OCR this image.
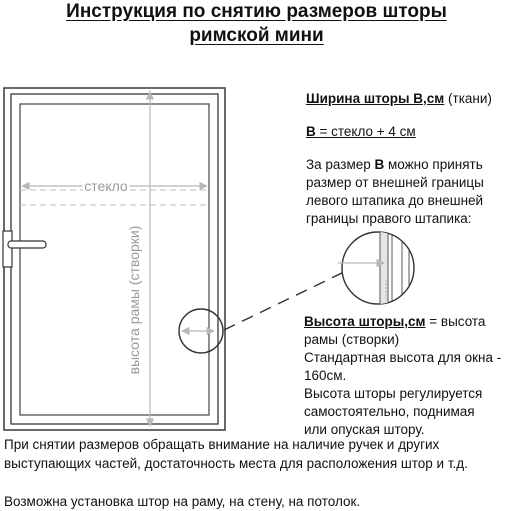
Инструкция по снятию размеров шторы
римской мини
стекло
высота рамы (створки)
Ширина шторы B,см (ткани)
B = стекло + 4 см
За размер B можно принять
размер от внешней границы
левого штапика до внешней
границы правого штапика:
Высота шторы,см = высота
рамы (створки)
Стандартная высота для окна -
160см.
Высота шторы регулируется
самостоятельно, поднимая
или опуская штору.
При снятии размеров обращать внимание на наличие ручек и других
выступающих частей, достаточность места для расположения штор и т.д.
Возможна установка штор на раму, на стену, на потолок.
